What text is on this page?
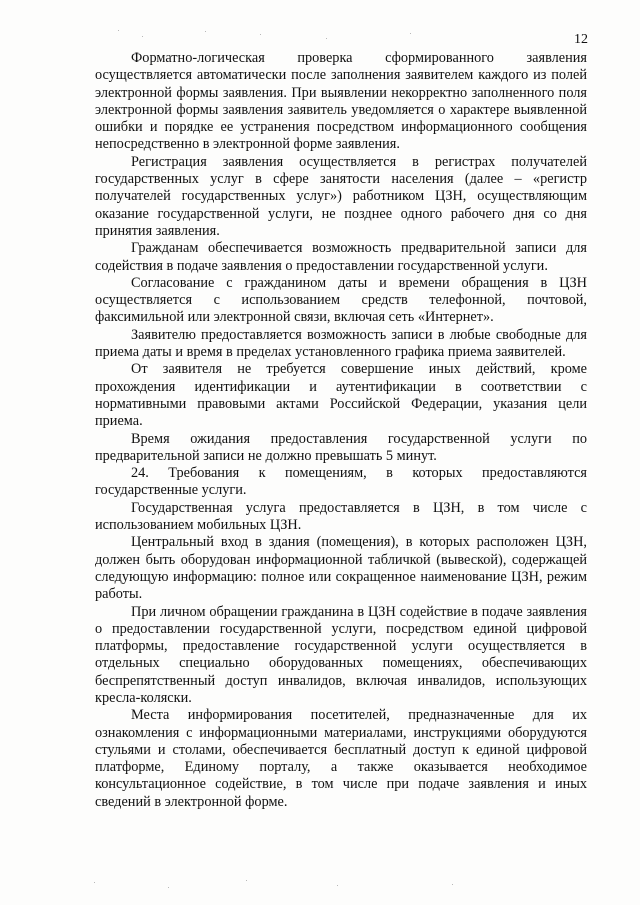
12

Форматно-логическая проверка сформированного заявления осуществляется автоматически после заполнения заявителем каждого из полей электронной формы заявления. При выявлении некорректно заполненного поля электронной формы заявления заявитель уведомляется о характере выявленной ошибки и порядке ее устранения посредством информационного сообщения непосредственно в электронной форме заявления.

Регистрация заявления осуществляется в регистрах получателей государственных услуг в сфере занятости населения (далее – «регистр получателей государственных услуг») работником ЦЗН, осуществляющим оказание государственной услуги, не позднее одного рабочего дня со дня принятия заявления.

Гражданам обеспечивается возможность предварительной записи для содействия в подаче заявления о предоставлении государственной услуги.

Согласование с гражданином даты и времени обращения в ЦЗН осуществляется с использованием средств телефонной, почтовой, факсимильной или электронной связи, включая сеть «Интернет».

Заявителю предоставляется возможность записи в любые свободные для приема даты и время в пределах установленного графика приема заявителей.

От заявителя не требуется совершение иных действий, кроме прохождения идентификации и аутентификации в соответствии с нормативными правовыми актами Российской Федерации, указания цели приема.

Время ожидания предоставления государственной услуги по предварительной записи не должно превышать 5 минут.

24. Требования к помещениям, в которых предоставляются государственные услуги.

Государственная услуга предоставляется в ЦЗН, в том числе с использованием мобильных ЦЗН.

Центральный вход в здания (помещения), в которых расположен ЦЗН, должен быть оборудован информационной табличкой (вывеской), содержащей следующую информацию: полное или сокращенное наименование ЦЗН, режим работы.

При личном обращении гражданина в ЦЗН содействие в подаче заявления о предоставлении государственной услуги, посредством единой цифровой платформы, предоставление государственной услуги осуществляется в отдельных специально оборудованных помещениях, обеспечивающих беспрепятственный доступ инвалидов, включая инвалидов, использующих кресла-коляски.

Места информирования посетителей, предназначенные для их ознакомления с информационными материалами, инструкциями оборудуются стульями и столами, обеспечивается бесплатный доступ к единой цифровой платформе, Единому порталу, а также оказывается необходимое консультационное содействие, в том числе при подаче заявления и иных сведений в электронной форме.
